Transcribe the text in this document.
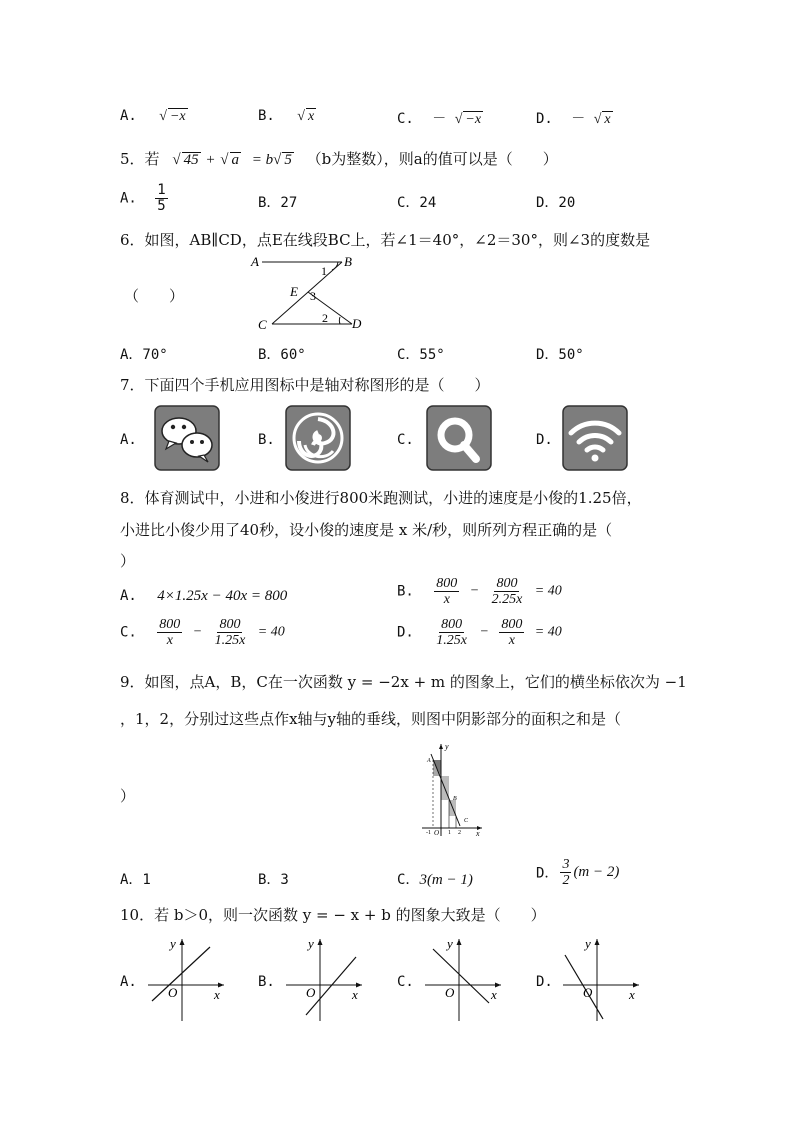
A. √ −x	B. √ x	C. － √ −x	D. － √ x
5．若 √ 45 + √ a = b√ 5 （b为整数），则a的值可以是（　　）
A. $\frac{1}{5}$	B．27	C．24	D．20
6．如图，AB∥CD，点E在线段BC上，若∠1＝40°，∠2＝30°，则∠3的度数是
（　　）
A	B
C	D
E
1
2
3
A．70°	B．60°	C．55°	D．50°
7．下面四个手机应用图标中是轴对称图形的是（　　）
A.	B.	C.	D.
8．体育测试中，小进和小俊进行800米跑测试，小进的速度是小俊的1.25倍，
小进比小俊少用了40秒，设小俊的速度是 x 米/秒，则所列方程正确的是（
）
A. 4×1.25x − 40x = 800	B. $\frac{800}{x} - \frac{800}{2.25x} = 40$
C. $\frac{800}{x} - \frac{800}{1.25x} = 40$	D. $\frac{800}{1.25x} - \frac{800}{x} = 40$
9．如图，点A，B，C在一次函数 y = −2x + m 的图象上，它们的横坐标依次为 −1
，1，2，分别过这些点作x轴与y轴的垂线，则图中阴影部分的面积之和是（
）
y
x
O
A
B
C
-1	1 2
A．1	B．3	C．3(m − 1)	D． $\frac{3}{2} (m - 2)$
10．若 b＞0，则一次函数 y = − x + b 的图象大致是（　　）
A.	B.	C.	D.
y
x
O
y
x
O
y
x
O
y
x
O
